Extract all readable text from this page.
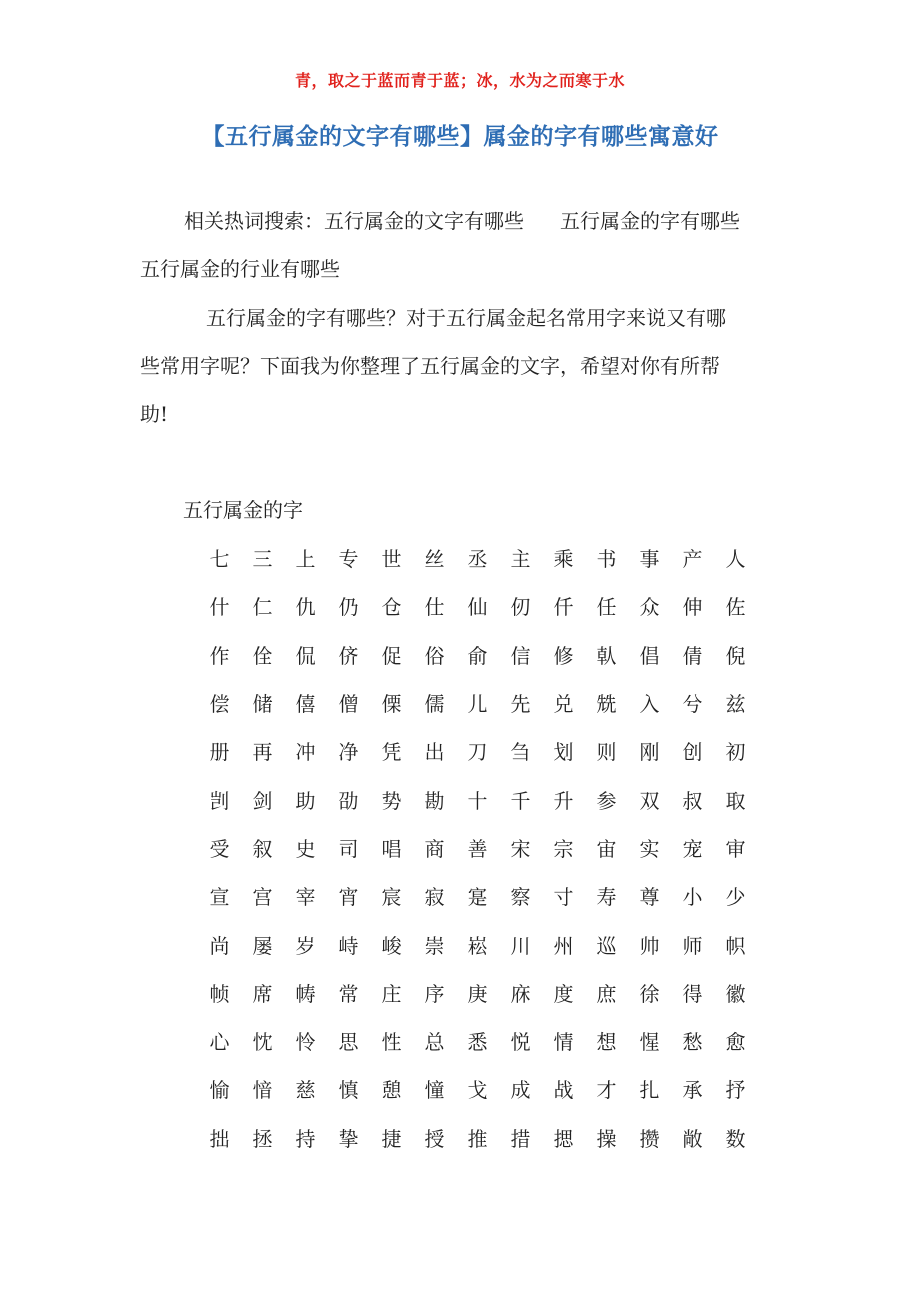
青，取之于蓝而青于蓝；冰，水为之而寒于水
【五行属金的文字有哪些】属金的字有哪些寓意好
相关热词搜索：五行属金的文字有哪些 五行属金的字有哪些
五行属金的行业有哪些
五行属金的字有哪些？对于五行属金起名常用字来说又有哪
些常用字呢？下面我为你整理了五行属金的文字，希望对你有所帮
助!
五行属金的字
七	三	上	专	世	丝	丞	主	乘	书	事	产	人
什	仁	仇	仍	仓	仕	仙	仞	仟	任	众	伸	佐
作	佺	侃	侪	促	俗	俞	信	修	倝	倡	倩	倪
偿	储	僖	僧	傈	儒	儿	先	兑	兟	入	兮	兹
册	再	冲	净	凭	出	刀	刍	划	则	刚	创	初
剀	剑	助	劭	势	勘	十	千	升	参	双	叔	取
受	叙	史	司	唱	商	善	宋	宗	宙	实	宠	审
宣	宫	宰	宵	宸	寂	寔	察	寸	寿	尊	小	少
尚	屡	岁	峙	峻	崇	崧	川	州	巡	帅	师	帜
帧	席	帱	常	庄	序	庚	庥	度	庶	徐	得	徽
心	忱	怜	思	性	总	悉	悦	情	想	惺	愁	愈
愉	愔	慈	慎	憩	憧	戈	成	战	才	扎	承	抒
拙	拯	持	挚	捷	授	推	措	揌	操	攒	敞	数
